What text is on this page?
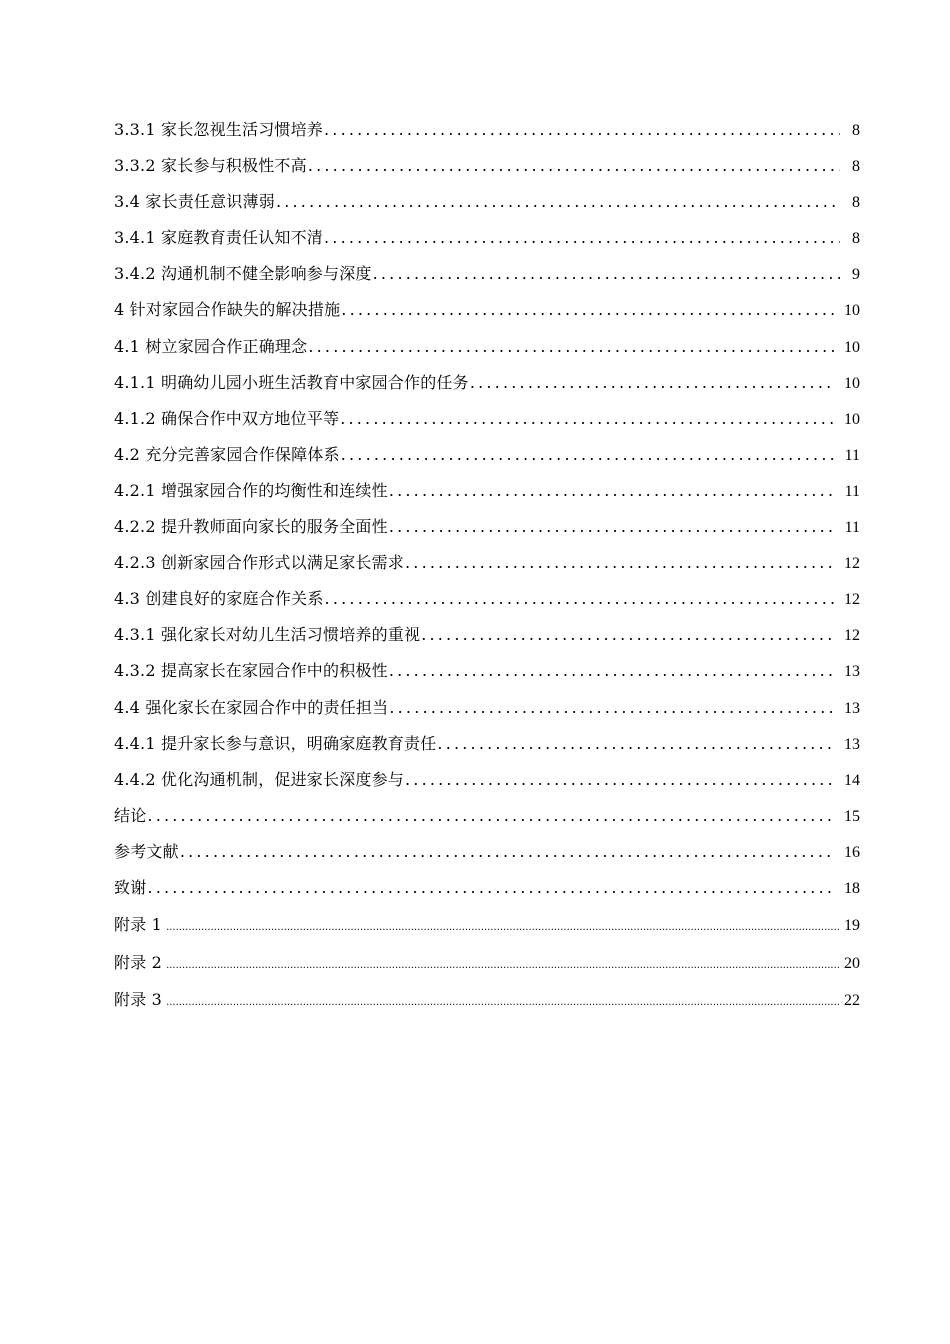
3.3.1 家长忽视生活习惯培养 .....	8
3.3.2 家长参与积极性不高 .....	8
3.4 家长责任意识薄弱 .....	8
3.4.1 家庭教育责任认知不清 .....	8
3.4.2 沟通机制不健全影响参与深度 .....	9
4 针对家园合作缺失的解决措施 .....	10
4.1 树立家园合作正确理念 .....	10
4.1.1 明确幼儿园小班生活教育中家园合作的任务 .....	10
4.1.2 确保合作中双方地位平等 .....	10
4.2 充分完善家园合作保障体系 .....	11
4.2.1 增强家园合作的均衡性和连续性 .....	11
4.2.2 提升教师面向家长的服务全面性 .....	11
4.2.3 创新家园合作形式以满足家长需求 .....	12
4.3 创建良好的家庭合作关系 .....	12
4.3.1 强化家长对幼儿生活习惯培养的重视 .....	12
4.3.2 提高家长在家园合作中的积极性 .....	13
4.4 强化家长在家园合作中的责任担当 .....	13
4.4.1 提升家长参与意识，明确家庭教育责任 .....	13
4.4.2 优化沟通机制，促进家长深度参与 .....	14
结论 .....	15
参考文献 .....	16
致谢 .....	18
附录 1 .....	19
附录 2 .....	20
附录 3 .....	22
